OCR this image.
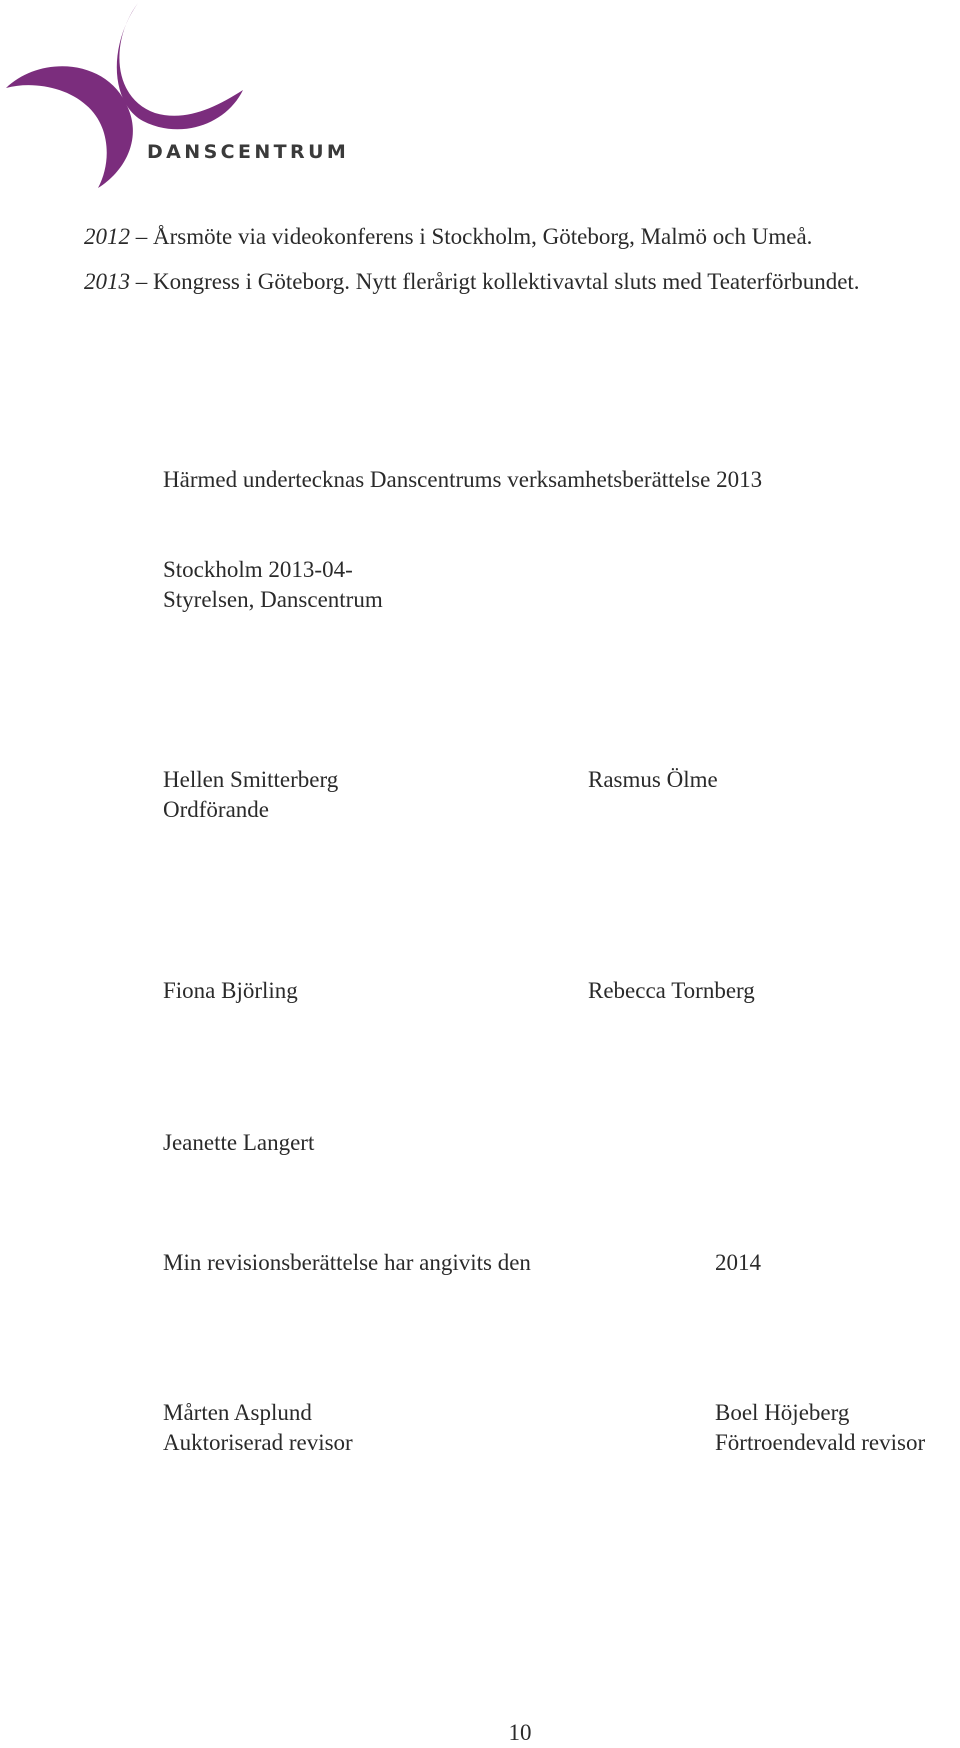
DANSCENTRUM
2012 – Årsmöte via videokonferens i Stockholm, Göteborg, Malmö och Umeå.
2013 – Kongress i Göteborg. Nytt flerårigt kollektivavtal sluts med Teaterförbundet.
Härmed undertecknas Danscentrums verksamhetsberättelse 2013
Stockholm 2013-04-
Styrelsen, Danscentrum
Hellen Smitterberg
Ordförande
Rasmus Ölme
Fiona Björling	Rebecca Tornberg
Jeanette Langert
Min revisionsberättelse har angivits den	2014
Mårten Asplund
Auktoriserad revisor
Boel Höjeberg
Förtroendevald revisor
10
